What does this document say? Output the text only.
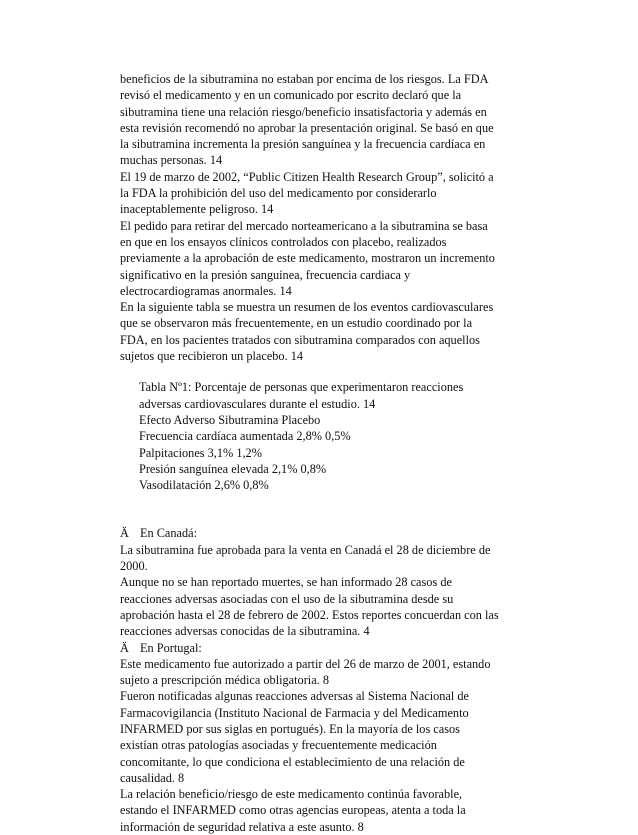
beneficios de la sibutramina no estaban por encima de los riesgos. La FDA revisó el medicamento y en un comunicado por escrito declaró que la sibutramina tiene una relación riesgo/beneficio insatisfactoria y además en esta revisión recomendó no aprobar la presentación original. Se basó en que la sibutramina incrementa la presión sanguínea y la frecuencia cardíaca en muchas personas. 14

El 19 de marzo de 2002, “Public Citizen Health Research Group”, solicitó a la FDA la prohibición del uso del medicamento por considerarlo inaceptablemente peligroso. 14

El pedido para retirar del mercado norteamericano a la sibutramina se basa en que en los ensayos clínicos controlados con placebo, realizados previamente a la aprobación de este medicamento, mostraron un incremento significativo en la presión sanguínea, frecuencia cardiaca y electrocardiogramas anormales. 14

En la siguiente tabla se muestra un resumen de los eventos cardiovasculares que se observaron más frecuentemente, en un estudio coordinado por la FDA, en los pacientes tratados con sibutramina comparados con aquellos sujetos que recibieron un placebo. 14

Tabla Nº1: Porcentaje de personas que experimentaron reacciones adversas cardiovasculares durante el estudio. 14

Efecto Adverso Sibutramina Placebo

Frecuencia cardíaca aumentada 2,8% 0,5%

Palpitaciones 3,1% 1,2%

Presión sanguínea elevada 2,1% 0,8%

Vasodilatación 2,6% 0,8%

Ä En Canadá:

La sibutramina fue aprobada para la venta en Canadá el 28 de diciembre de 2000.

Aunque no se han reportado muertes, se han informado 28 casos de reacciones adversas asociadas con el uso de la sibutramina desde su aprobación hasta el 28 de febrero de 2002. Estos reportes concuerdan con las reacciones adversas conocidas de la sibutramina. 4

Ä En Portugal:

Este medicamento fue autorizado a partir del 26 de marzo de 2001, estando sujeto a prescripción médica obligatoria. 8

Fueron notificadas algunas reacciones adversas al Sistema Nacional de Farmacovigilancia (Instituto Nacional de Farmacia y del Medicamento INFARMED por sus siglas en portugués). En la mayoría de los casos existían otras patologías asociadas y frecuentemente medicación concomitante, lo que condiciona el establecimiento de una relación de causalidad. 8

La relación beneficio/riesgo de este medicamento continúa favorable, estando el INFARMED como otras agencias europeas, atenta a toda la información de seguridad relativa a este asunto. 8
